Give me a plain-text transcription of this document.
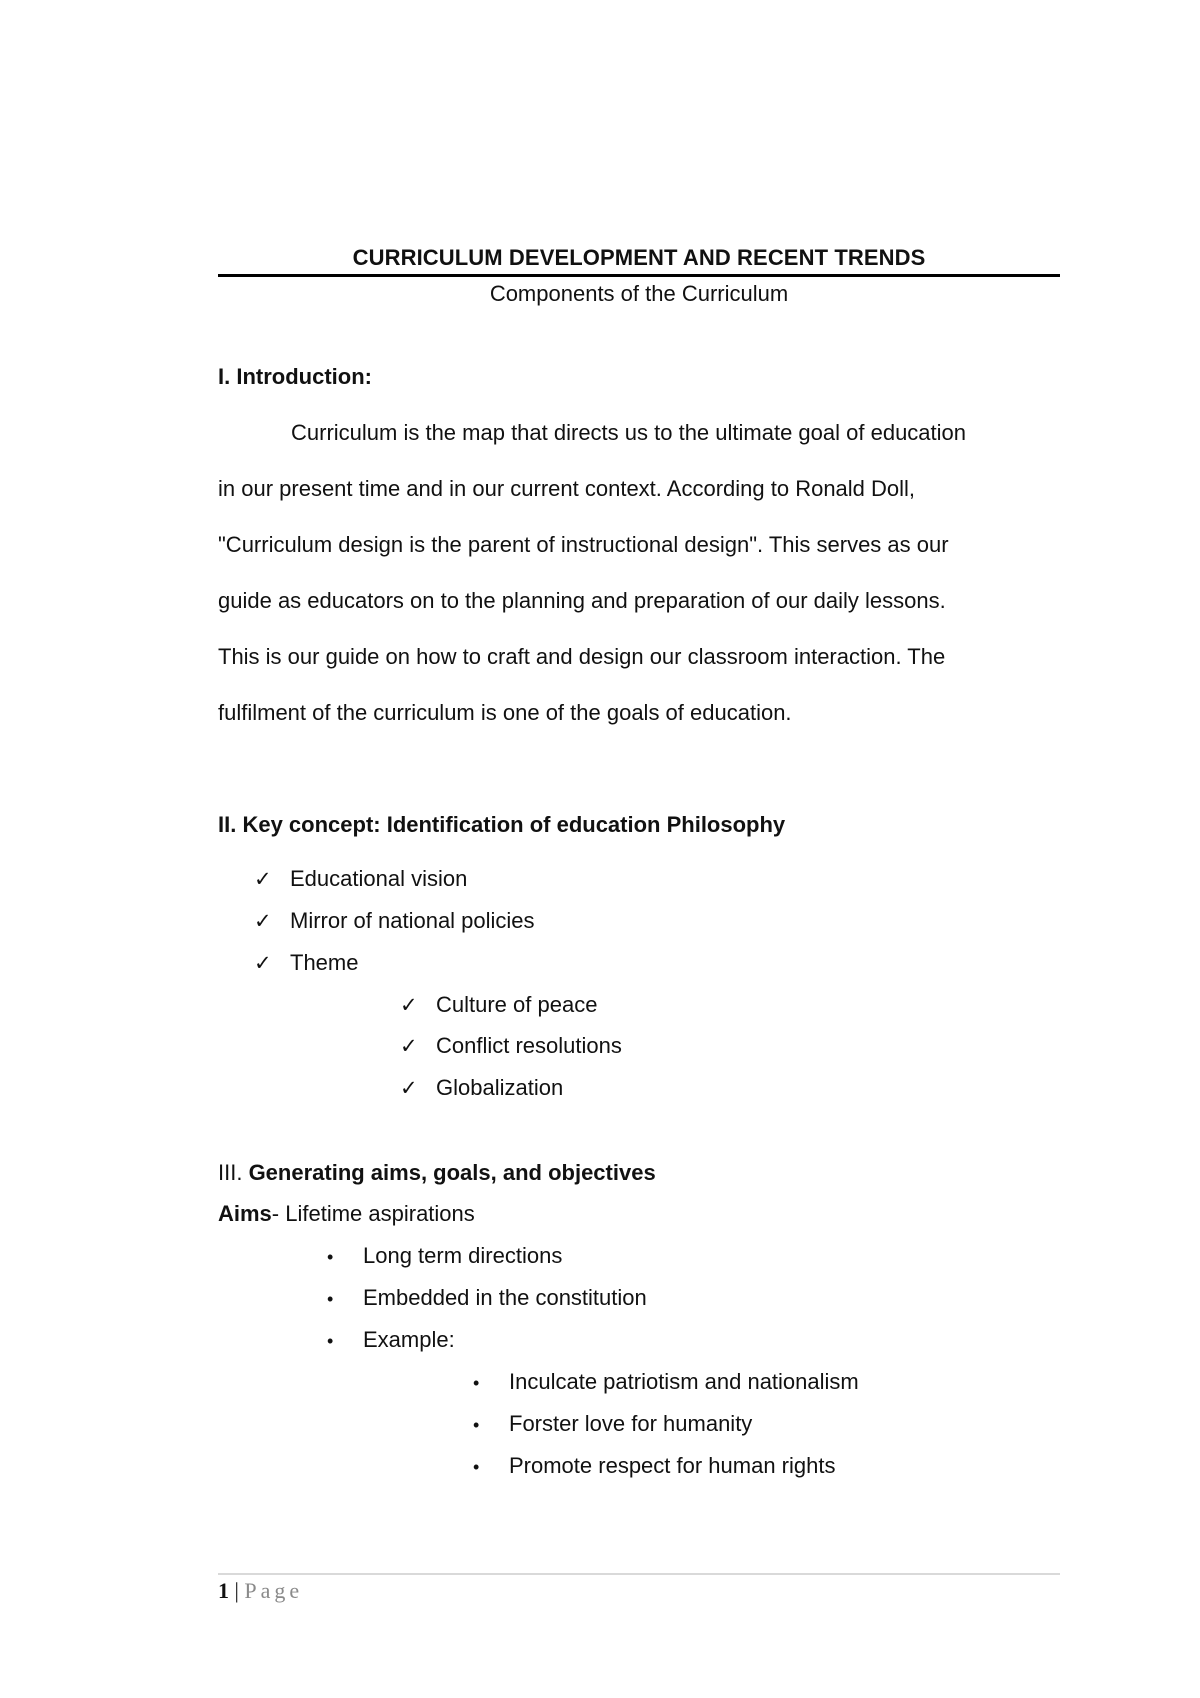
CURRICULUM DEVELOPMENT AND RECENT TRENDS
Components of the Curriculum
I. Introduction:
Curriculum is the map that directs us to the ultimate goal of education
in our present time and in our current context. According to Ronald Doll,
"Curriculum design is the parent of instructional design". This serves as our
guide as educators on to the planning and preparation of our daily lessons.
This is our guide on how to craft and design our classroom interaction. The
fulfilment of the curriculum is one of the goals of education.
II. Key concept: Identification of education Philosophy
✓ Educational vision
✓ Mirror of national policies
✓ Theme
✓ Culture of peace
✓ Conflict resolutions
✓ Globalization
III. Generating aims, goals, and objectives
Aims- Lifetime aspirations
•	Long term directions
•	Embedded in the constitution
•	Example:
•	Inculcate patriotism and nationalism
•	Forster love for humanity
•	Promote respect for human rights
1 | Page
